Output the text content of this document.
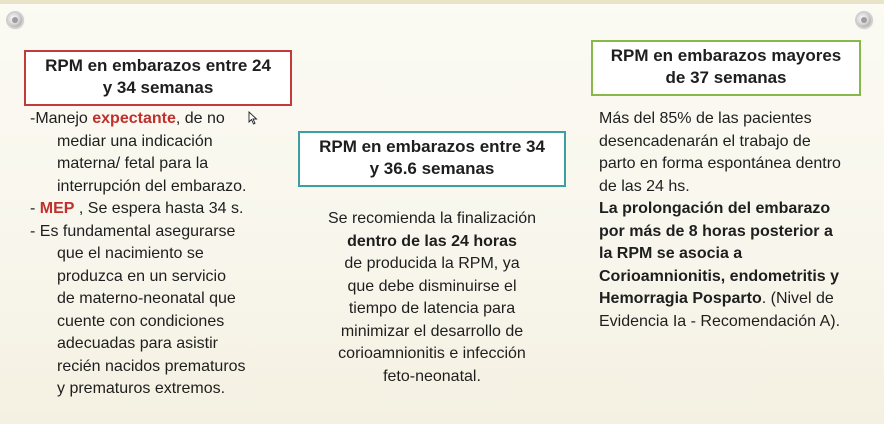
RPM en embarazos entre 24
y 34 semanas
-Manejo expectante, de no
mediar una indicación
materna/ fetal para la
interrupción del embarazo.
- MEP , Se espera hasta 34 s.
- Es fundamental asegurarse
que el nacimiento se
produzca en un servicio
de materno-neonatal que
cuente con condiciones
adecuadas para asistir
recién nacidos prematuros
y prematuros extremos.
RPM en embarazos entre 34
y 36.6 semanas
Se recomienda la finalización
dentro de las 24 horas
de producida la RPM, ya
que debe disminuirse el
tiempo de latencia para
minimizar el desarrollo de
corioamnionitis e infección
feto-neonatal.
RPM en embarazos mayores
de 37 semanas
Más del 85% de las pacientes
desencadenarán el trabajo de
parto en forma espontánea dentro
de las 24 hs.
La prolongación del embarazo
por más de 8 horas posterior a
la RPM se asocia a
Corioamnionitis, endometritis y
Hemorragia Posparto. (Nivel de
Evidencia Ia - Recomendación A).
